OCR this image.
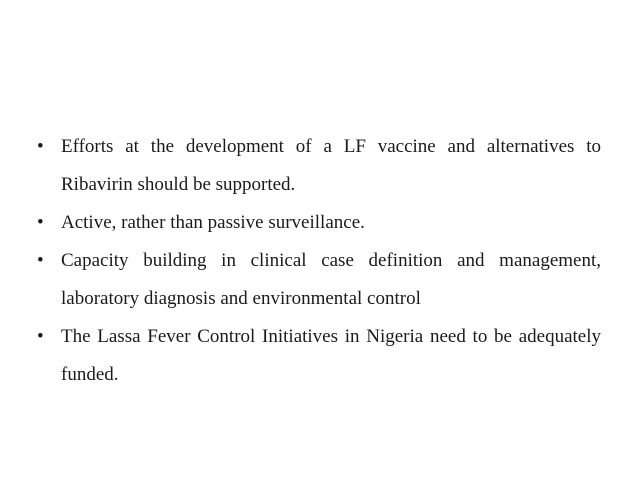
• Efforts at the development of a LF vaccine and alternatives to Ribavirin should be supported.
• Active, rather than passive surveillance.
• Capacity building in clinical case definition and management, laboratory diagnosis and environmental control
• The Lassa Fever Control Initiatives in Nigeria need to be adequately funded.
